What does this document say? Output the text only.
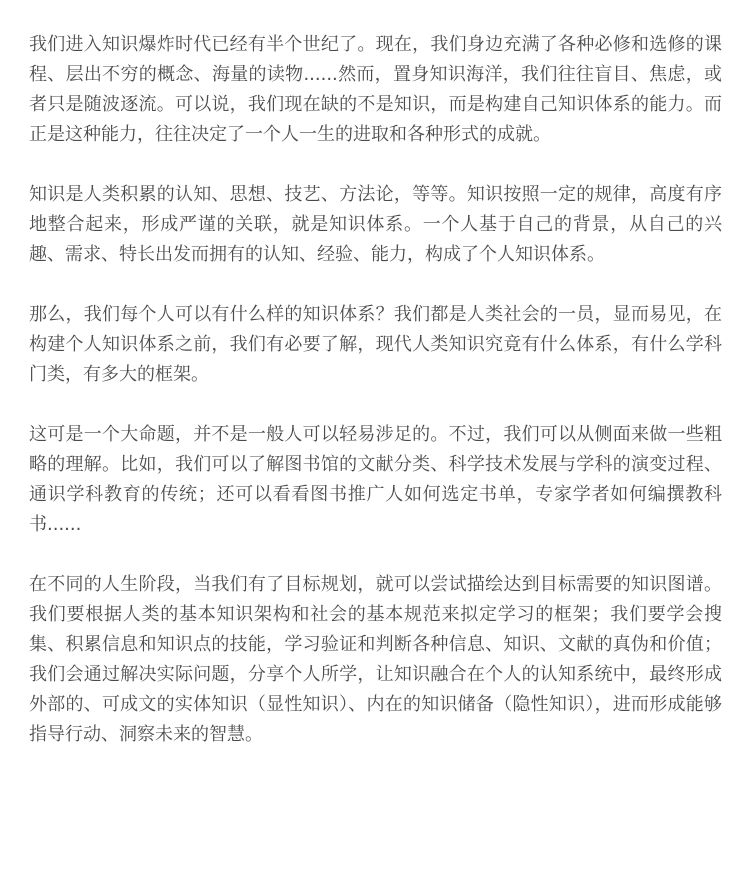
我们进入知识爆炸时代已经有半个世纪了。现在，我们身边充满了各种必修和选修的课程、层出不穷的概念、海量的读物......然而，置身知识海洋，我们往往盲目、焦虑，或者只是随波逐流。可以说，我们现在缺的不是知识，而是构建自己知识体系的能力。而正是这种能力，往往决定了一个人一生的进取和各种形式的成就。

知识是人类积累的认知、思想、技艺、方法论，等等。知识按照一定的规律，高度有序地整合起来，形成严谨的关联，就是知识体系。一个人基于自己的背景，从自己的兴趣、需求、特长出发而拥有的认知、经验、能力，构成了个人知识体系。

那么，我们每个人可以有什么样的知识体系？我们都是人类社会的一员，显而易见，在构建个人知识体系之前，我们有必要了解，现代人类知识究竟有什么体系，有什么学科门类，有多大的框架。

这可是一个大命题，并不是一般人可以轻易涉足的。不过，我们可以从侧面来做一些粗略的理解。比如，我们可以了解图书馆的文献分类、科学技术发展与学科的演变过程、通识学科教育的传统；还可以看看图书推广人如何选定书单，专家学者如何编撰教科书......

在不同的人生阶段，当我们有了目标规划，就可以尝试描绘达到目标需要的知识图谱。我们要根据人类的基本知识架构和社会的基本规范来拟定学习的框架；我们要学会搜集、积累信息和知识点的技能，学习验证和判断各种信息、知识、文献的真伪和价值；我们会通过解决实际问题，分享个人所学，让知识融合在个人的认知系统中，最终形成外部的、可成文的实体知识（显性知识）、内在的知识储备（隐性知识），进而形成能够指导行动、洞察未来的智慧。
